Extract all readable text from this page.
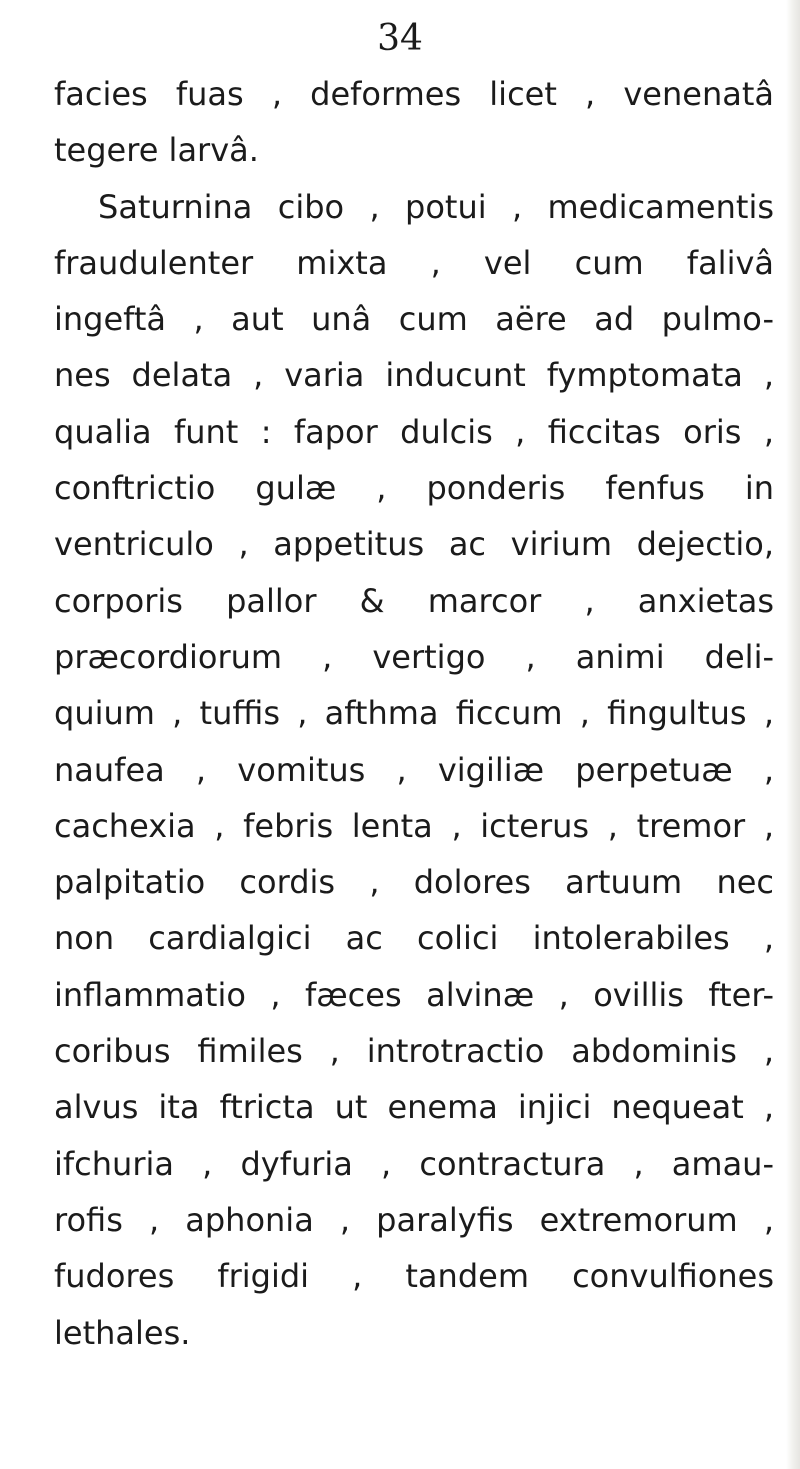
34
facies fuas , deformes licet , venenatâ
tegere larvâ.
Saturnina cibo , potui , medicamentis
fraudulenter mixta , vel cum falivâ
ingeftâ , aut unâ cum aëre ad pulmo-
nes delata , varia inducunt fymptomata ,
qualia funt : fapor dulcis , ficcitas oris ,
conftrictio gulæ , ponderis fenfus in
ventriculo , appetitus ac virium dejectio,
corporis pallor & marcor , anxietas
præcordiorum , vertigo , animi deli-
quium , tuffis , afthma ficcum , fingultus ,
naufea , vomitus , vigiliæ perpetuæ ,
cachexia , febris lenta , icterus , tremor ,
palpitatio cordis , dolores artuum nec
non cardialgici ac colici intolerabiles ,
inflammatio , fæces alvinæ , ovillis fter-
coribus fimiles , introtractio abdominis ,
alvus ita ftricta ut enema injici nequeat ,
ifchuria , dyfuria , contractura , amau-
rofis , aphonia , paralyfis extremorum ,
fudores frigidi , tandem convulfiones
lethales.
